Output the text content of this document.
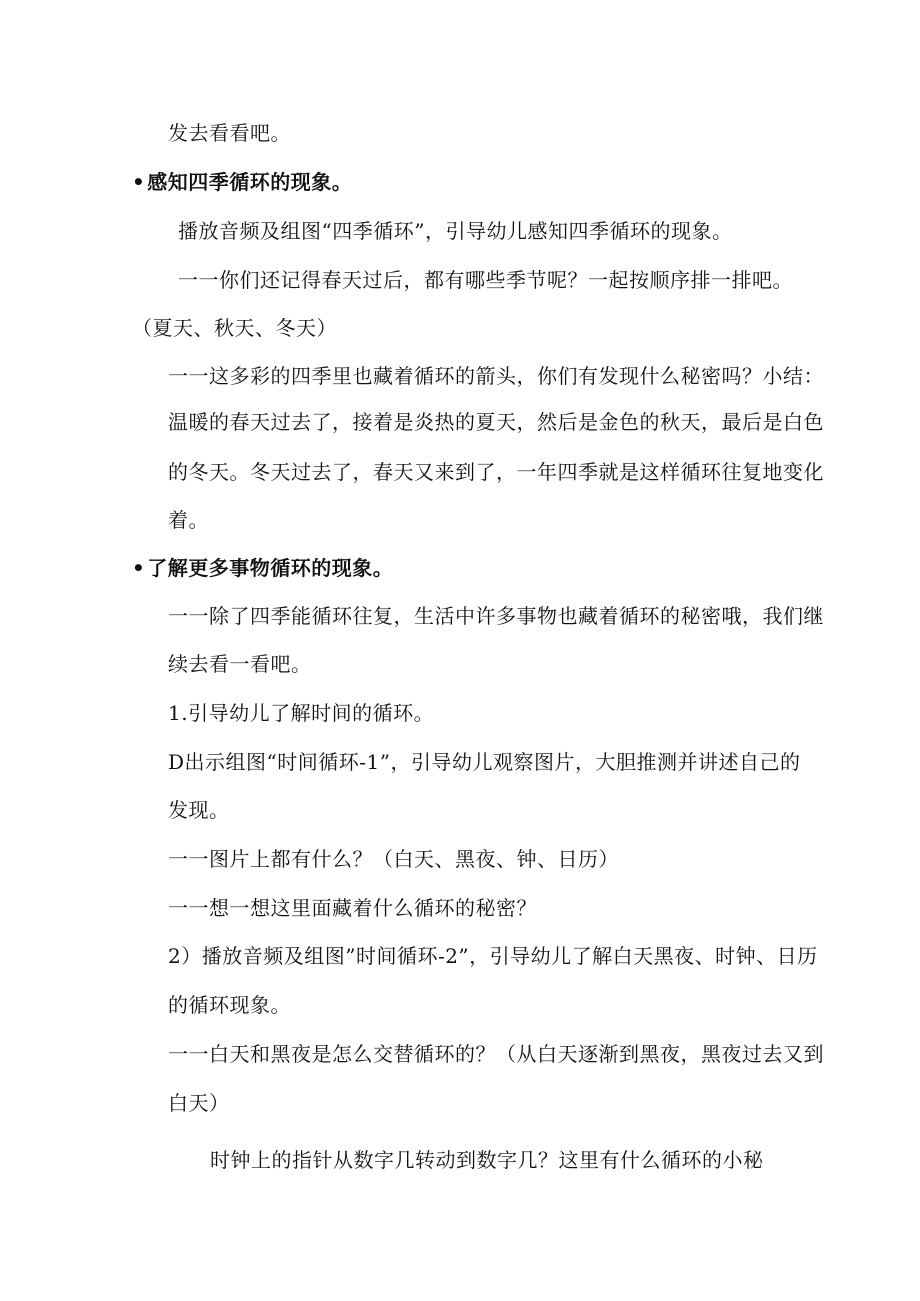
发去看看吧。
• 感知四季循环的现象。
播放音频及组图“四季循环”，引导幼儿感知四季循环的现象。
一一你们还记得春天过后，都有哪些季节呢？一起按顺序排一排吧。
（夏天、秋天、冬天）
一一这多彩的四季里也藏着循环的箭头，你们有发现什么秘密吗？小结：
温暖的春天过去了，接着是炎热的夏天，然后是金色的秋天，最后是白色
的冬天。冬天过去了，春天又来到了，一年四季就是这样循环往复地变化
着。
• 了解更多事物循环的现象。
一一除了四季能循环往复，生活中许多事物也藏着循环的秘密哦，我们继
续去看一看吧。
1.引导幼儿了解时间的循环。
D出示组图“时间循环-1”，引导幼儿观察图片，大胆推测并讲述自己的
发现。
一一图片上都有什么？（白天、黑夜、钟、日历）
一一想一想这里面藏着什么循环的秘密？
2）播放音频及组图”时间循环-2”，引导幼儿了解白天黑夜、时钟、日历
的循环现象。
一一白天和黑夜是怎么交替循环的？（从白天逐渐到黑夜，黑夜过去又到
白天）
时钟上的指针从数字几转动到数字几？这里有什么循环的小秘
